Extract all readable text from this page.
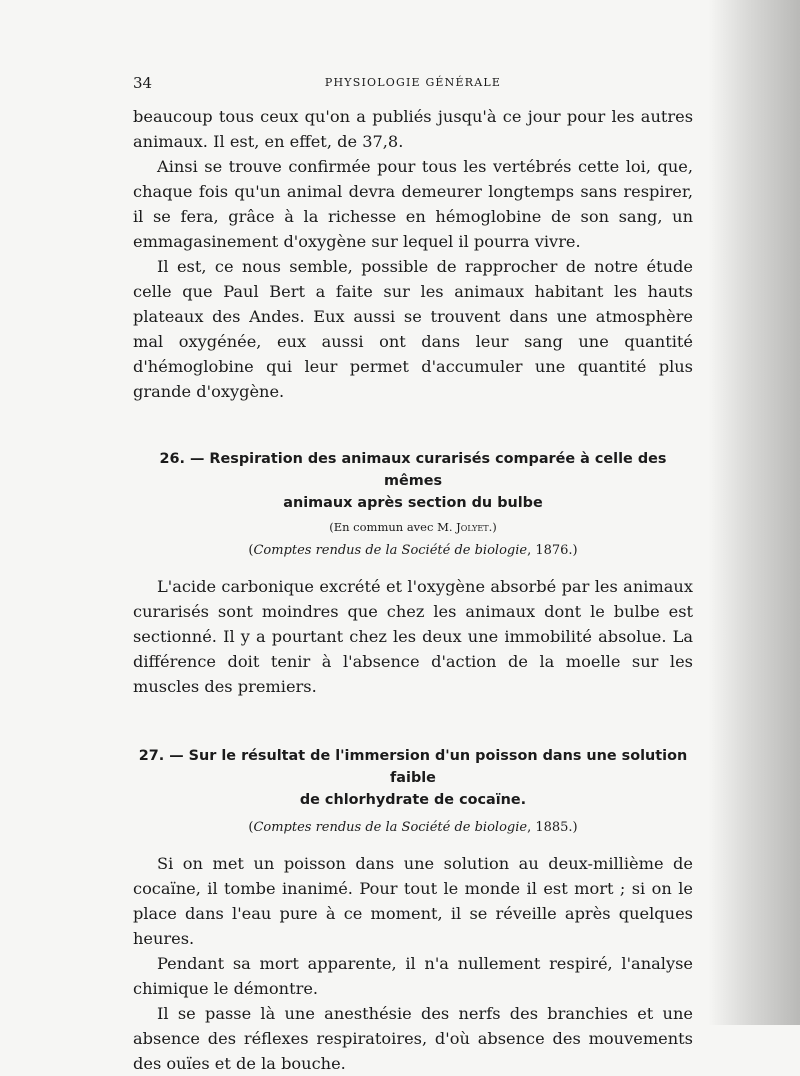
34	PHYSIOLOGIE GÉNÉRALE

beaucoup tous ceux qu'on a publiés jusqu'à ce jour pour les autres animaux. Il est, en effet, de 37,8.

Ainsi se trouve confirmée pour tous les vertébrés cette loi, que, chaque fois qu'un animal devra demeurer longtemps sans respirer, il se fera, grâce à la richesse en hémoglobine de son sang, un emmagasinement d'oxygène sur lequel il pourra vivre.

Il est, ce nous semble, possible de rapprocher de notre étude celle que Paul Bert a faite sur les animaux habitant les hauts plateaux des Andes. Eux aussi se trouvent dans une atmosphère mal oxygénée, eux aussi ont dans leur sang une quantité d'hémoglobine qui leur permet d'accumuler une quantité plus grande d'oxygène.

26. — Respiration des animaux curarisés comparée à celle des mêmes
animaux après section du bulbe
(En commun avec M. Jolyet.)
(Comptes rendus de la Société de biologie, 1876.)

L'acide carbonique excrété et l'oxygène absorbé par les animaux curarisés sont moindres que chez les animaux dont le bulbe est sectionné. Il y a pourtant chez les deux une immobilité absolue. La différence doit tenir à l'absence d'action de la moelle sur les muscles des premiers.

27. — Sur le résultat de l'immersion d'un poisson dans une solution faible
de chlorhydrate de cocaïne.
(Comptes rendus de la Société de biologie, 1885.)

Si on met un poisson dans une solution au deux-millième de cocaïne, il tombe inanimé. Pour tout le monde il est mort ; si on le place dans l'eau pure à ce moment, il se réveille après quelques heures.

Pendant sa mort apparente, il n'a nullement respiré, l'analyse chimique le démontre.

Il se passe là une anesthésie des nerfs des branchies et une absence des réflexes respiratoires, d'où absence des mouvements des ouïes et de la bouche.
